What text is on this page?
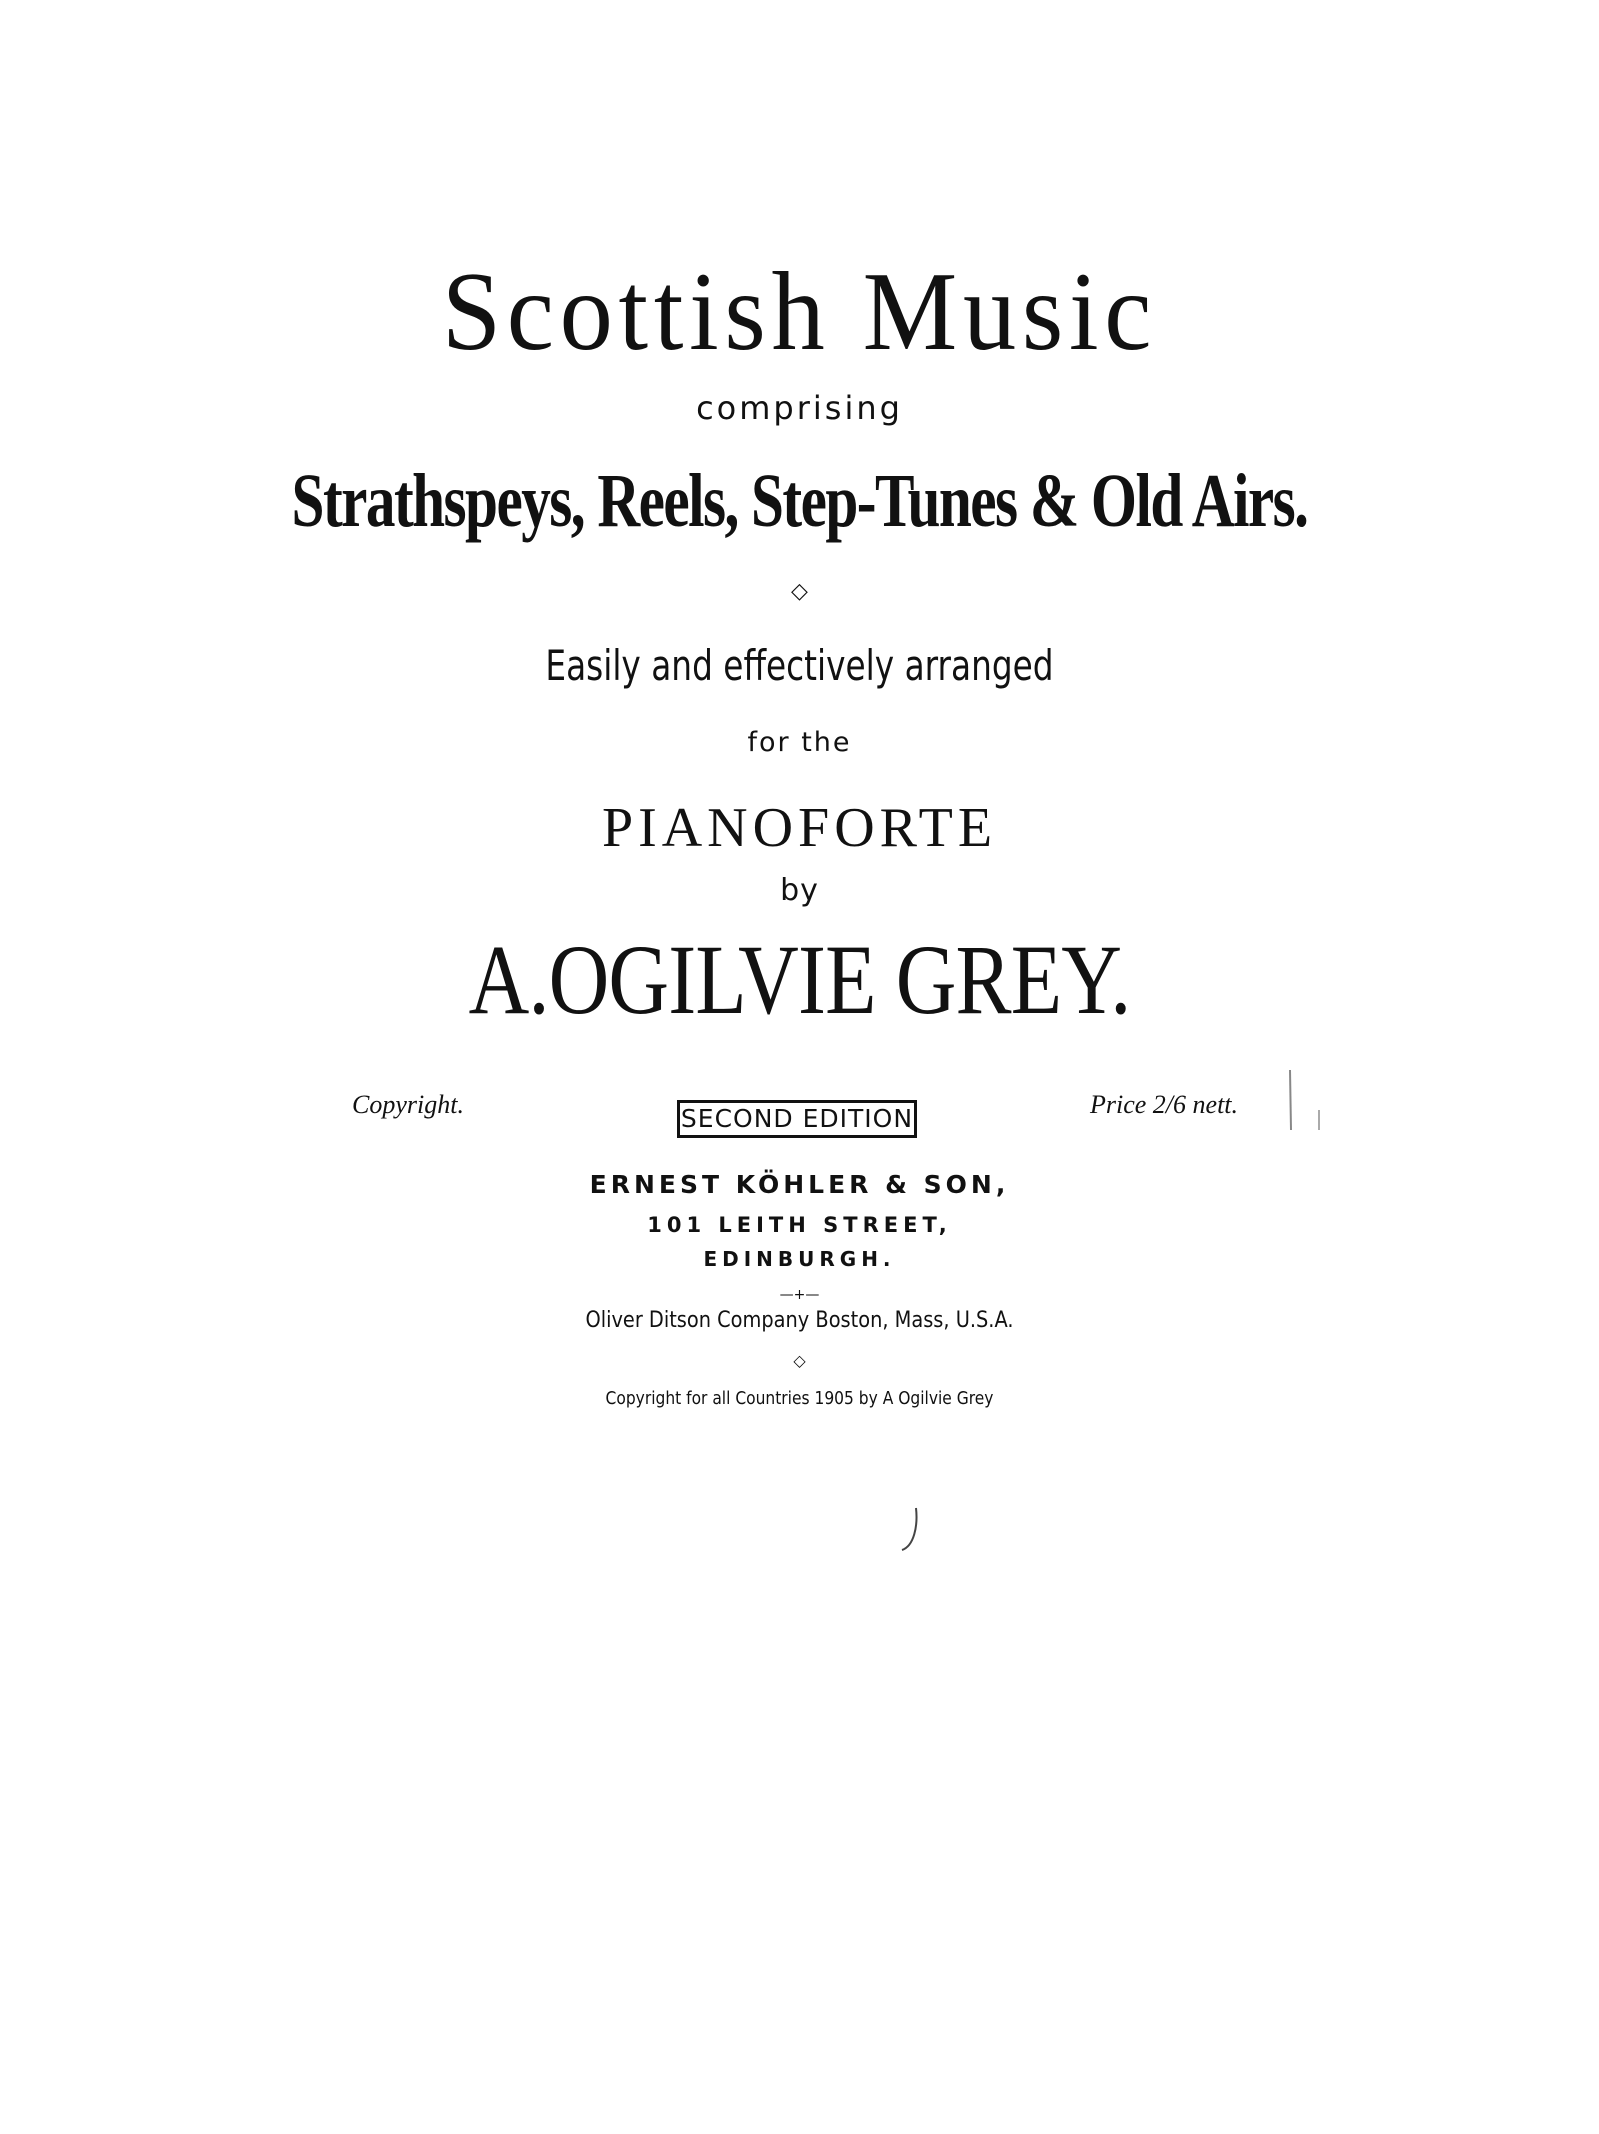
Scottish Music
comprising
Strathspeys, Reels, Step-Tunes & Old Airs.
◇
Easily and effectively arranged
for the
PIANOFORTE
by
A.OGILVIE GREY.
Copyright.	SECOND EDITION	Price 2/6 nett.
ERNEST KÖHLER & SON,
101 LEITH STREET,
EDINBURGH.
—+—
Oliver Ditson Company Boston, Mass, U.S.A.
◇
Copyright for all Countries 1905 by A Ogilvie Grey
